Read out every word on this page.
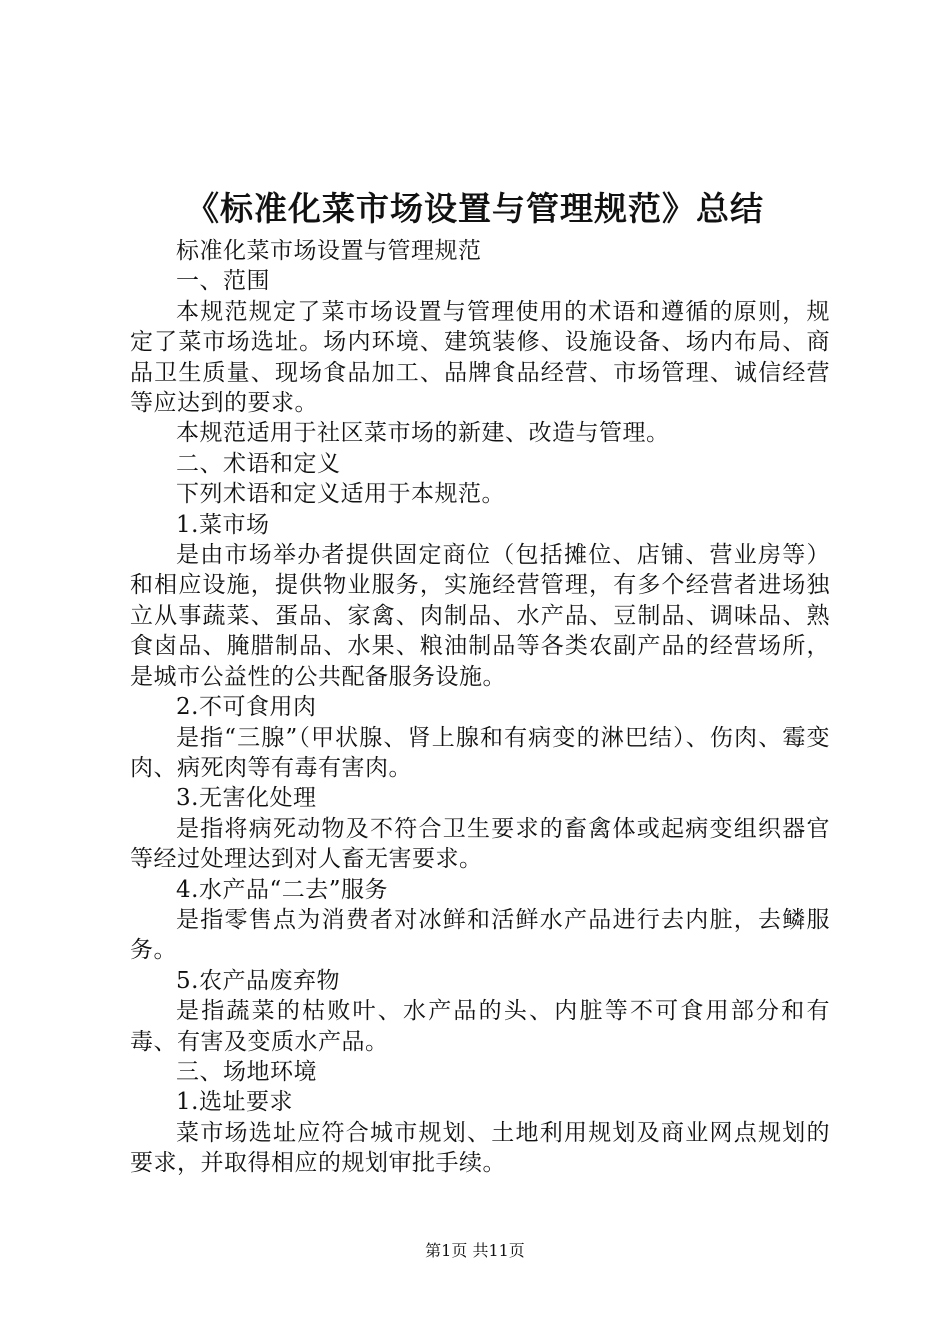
《标准化菜市场设置与管理规范》总结

标准化菜市场设置与管理规范

一、范围

本规范规定了菜市场设置与管理使用的术语和遵循的原则，规定了菜市场选址。场内环境、建筑装修、设施设备、场内布局、商品卫生质量、现场食品加工、品牌食品经营、市场管理、诚信经营等应达到的要求。

本规范适用于社区菜市场的新建、改造与管理。

二、术语和定义

下列术语和定义适用于本规范。

1.菜市场

是由市场举办者提供固定商位（包括摊位、店铺、营业房等）和相应设施，提供物业服务，实施经营管理，有多个经营者进场独立从事蔬菜、蛋品、家禽、肉制品、水产品、豆制品、调味品、熟食卤品、腌腊制品、水果、粮油制品等各类农副产品的经营场所，是城市公益性的公共配备服务设施。

2.不可食用肉

是指“三腺”（甲状腺、肾上腺和有病变的淋巴结）、伤肉、霉变肉、病死肉等有毒有害肉。

3.无害化处理

是指将病死动物及不符合卫生要求的畜禽体或起病变组织器官等经过处理达到对人畜无害要求。

4.水产品“二去”服务

是指零售点为消费者对冰鲜和活鲜水产品进行去内脏，去鳞服务。

5.农产品废弃物

是指蔬菜的枯败叶、水产品的头、内脏等不可食用部分和有毒、有害及变质水产品。

三、场地环境

1.选址要求

菜市场选址应符合城市规划、土地利用规划及商业网点规划的要求，并取得相应的规划审批手续。

第1页 共11页
